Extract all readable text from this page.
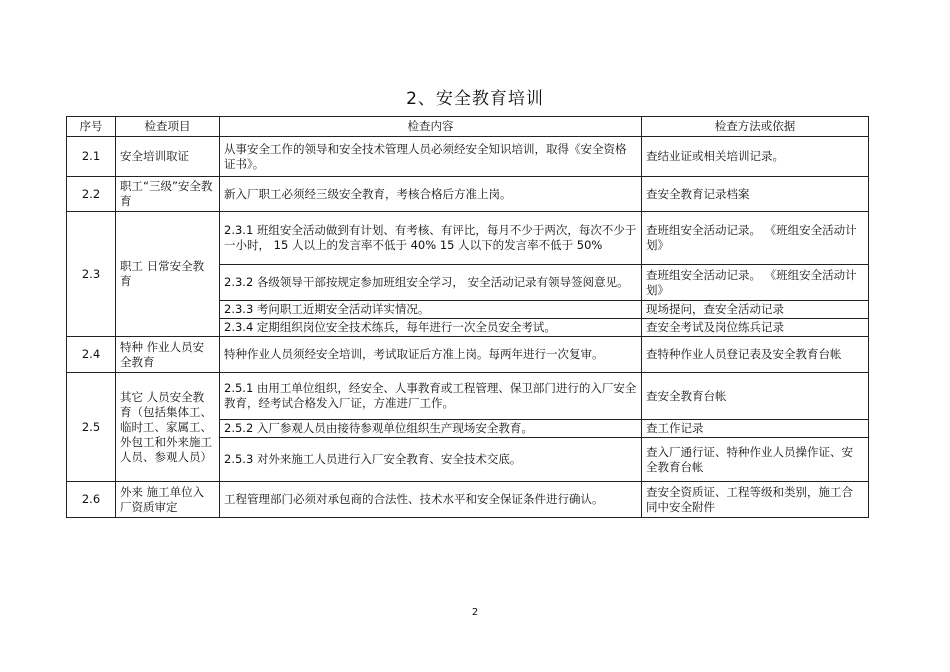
2、安全教育培训
序号	检查项目	检查内容	检查方法或依据
2.1	安全培训取证	从事安全工作的领导和安全技术管理人员必须经安全知识培训，取得《安全资格证书》。	查结业证或相关培训记录。
2.2	职工“三级”安全教育	新入厂职工必须经三级安全教育，考核合格后方准上岗。	查安全教育记录档案
2.3	职工 日常安全教育	2.3.1 班组安全活动做到有计划、有考核、有评比，每月不少于两次，每次不少于一小时， 15 人以上的发言率不低于 40% 15 人以下的发言率不低于 50%	查班组安全活动记录。 《班组安全活动计划》
		2.3.2 各级领导干部按规定参加班组安全学习， 安全活动记录有领导签阅意见。	查班组安全活动记录。 《班组安全活动计划》
		2.3.3 考问职工近期安全活动详实情况。	现场提问，查安全活动记录
		2.3.4 定期组织岗位安全技术练兵，每年进行一次全员安全考试。	查安全考试及岗位练兵记录
2.4	特种 作业人员安全教育	特种作业人员须经安全培训，考试取证后方准上岗。每两年进行一次复审。	查特种作业人员登记表及安全教育台帐
2.5	其它 人员安全教育（包括集体工、临时工、家属工、外包工和外来施工人员、参观人员）	2.5.1 由用工单位组织，经安全、人事教育或工程管理、保卫部门进行的入厂安全教育，经考试合格发入厂证，方准进厂工作。	查安全教育台帐
		2.5.2 入厂参观人员由接待参观单位组织生产现场安全教育。	查工作记录
		2.5.3 对外来施工人员进行入厂安全教育、安全技术交底。	查入厂通行证、特种作业人员操作证、安全教育台帐
2.6	外来 施工单位入厂资质审定	工程管理部门必须对承包商的合法性、技术水平和安全保证条件进行确认。	查安全资质证、工程等级和类别，施工合同中安全附件
2
